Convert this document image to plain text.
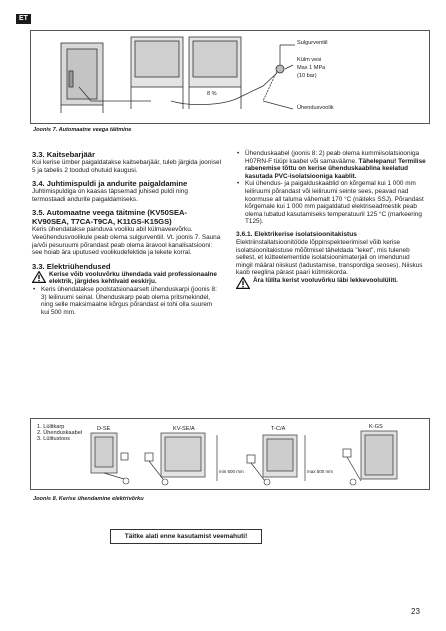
ET
Sulgurventiil
Külm vesi
Max 1 MPa
(10 bar)
8 %
Ühendusvoolik
Joonis 7. Automaatne veega täitmine
3.3. Kaitsebarjäär

Kui kerise ümber paigaldatakse kaitsebarjäär, tuleb järgida joonisel 5 ja tabelis 2 toodud ohutuid kaugusi.

3.4. Juhtimispuldi ja andurite paigaldamine

Juhtimispuldiga on kaasas täpsemad juhised puldi ning termostaadi andurite paigaldamiseks.

3.5. Automaatne veega täitmine (KV50SEA-
KV90SEA, T7CA-T9CA, K11GS-K15GS)

Keris ühendatakse painduva vooliku abil külmaveevõrku. Veeühendusvoolikule peab olema sulgurventiil. Vt. joonis 7. Sauna ja/või pesuruumi põrandast peab olema äravool kanalisatsiooni: see hoiab ära uputused voolikudefektide ja lekete korral.

3.3. Elektriühendused

Kerise võib vooluvõrku ühendada vaid professionaalne elektrik, järgides kehtivaid eeskirju.

• Keris ühendatakse poolstatsionaarselt ühenduskarpi (joonis 8: 3) leiliruumi seinal. Ühenduskarp peab olema pritsmekindel, ning selle maksimaalne kõrgus põrandast ei tohi olla suurem kui 500 mm.

• Ühenduskaabel (joonis 8: 2) peab olema kummiisolatsiooniga H07RN-F tüüpi kaabel või samaväärne. Tähelepanu! Termilise rabenemise tõttu on kerise ühenduskaablina keelatud kasutada PVC-isolatsiooniga kaablit.

• Kui ühendus- ja paigalduskaablid on kõrgemal kui 1 000 mm leiliruumi põrandast või leiliruumi seinte sees, peavad nad koormuse all taluma vähemalt 170 °C (näiteks SSJ). Põrandast kõrgemale kui 1 000 mm paigaldatud elektriseadmestik peab olema lubatud kasutamiseks temperatuuril 125 °C (markeering T125).

3.6.1. Elektrikerise isolatsioonitakistus

Elektriinstallatsioonitööde lõppinspekteerimisel võib kerise isolatsioonitakistuse mõõtmisel täheldada "leket", mis tuleneb sellest, et kütteelementide isolatsioonimaterjali on imendunud mingil määral niiskust (ladustamise, transpordiga seoses). Niiskus kaob reeglina pärast paari kütmiskorda.

Ära lülita kerist vooluvõrku läbi lekkevoolulüliti.

1. Lülitkarp
2. Ühenduskaabel
3. Lülitustoos
D-SE	KV-SE/A	T-C/A	K-GS
min 500 mm	max 500 mm
Joonis 8. Kerise ühendamine elektrivõrku
Täitke alati enne kasutamist veemahuti!
23
